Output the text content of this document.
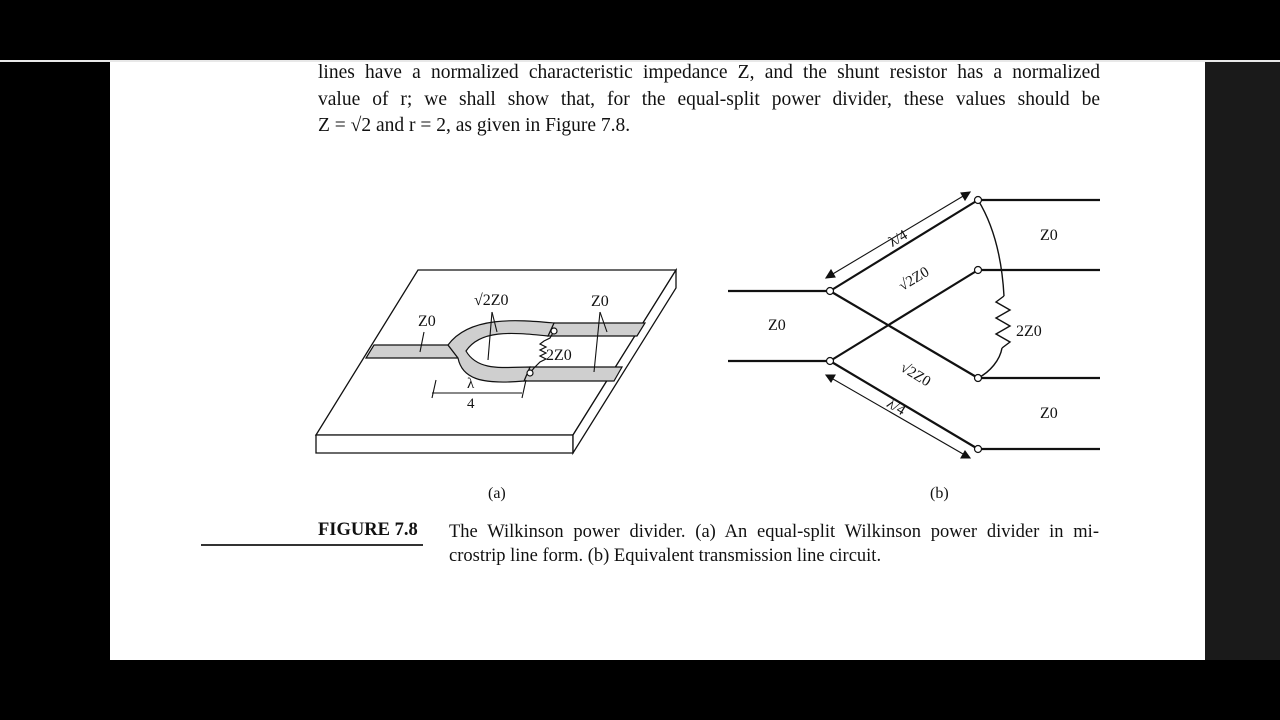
lines have a normalized characteristic impedance Z, and the shunt resistor has a normalized
value of r; we shall show that, for the equal-split power divider, these values should be
Z = √2 and r = 2, as given in Figure 7.8.
Z0
√2Z0	Z0
2Z0
λ
4
(a)
λ/4
√2Z0
Z0
Z0	2Z0
√2Z0
Z0
λ/4
(b)
FIGURE 7.8 The Wilkinson power divider. (a) An equal-split Wilkinson power divider in mi-
crostrip line form. (b) Equivalent transmission line circuit.
